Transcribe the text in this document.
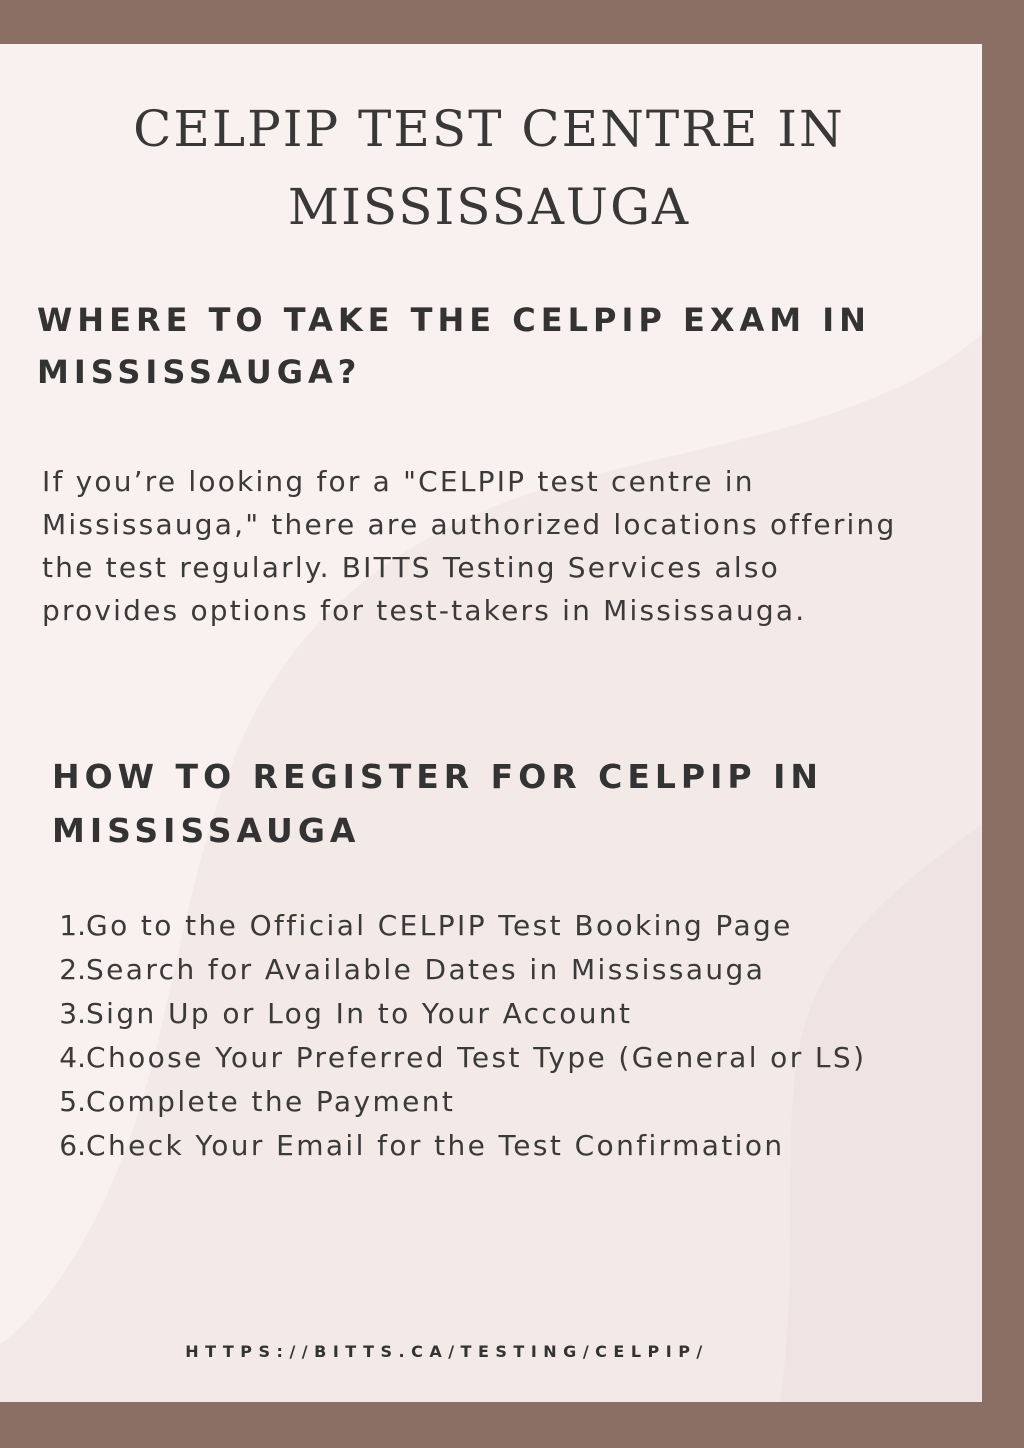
CELPIP TEST CENTRE IN
MISSISSAUGA
WHERE TO TAKE THE CELPIP EXAM IN
MISSISSAUGA?

If you’re looking for a "CELPIP test centre in
Mississauga," there are authorized locations offering
the test regularly. BITTS Testing Services also
provides options for test-takers in Mississauga.

HOW TO REGISTER FOR CELPIP IN
MISSISSAUGA
1. Go to the Official CELPIP Test Booking Page
2. Search for Available Dates in Mississauga
3. Sign Up or Log In to Your Account
4. Choose Your Preferred Test Type (General or LS)
5. Complete the Payment
6. Check Your Email for the Test Confirmation

HTTPS://BITTS.CA/TESTING/CELPIP/
